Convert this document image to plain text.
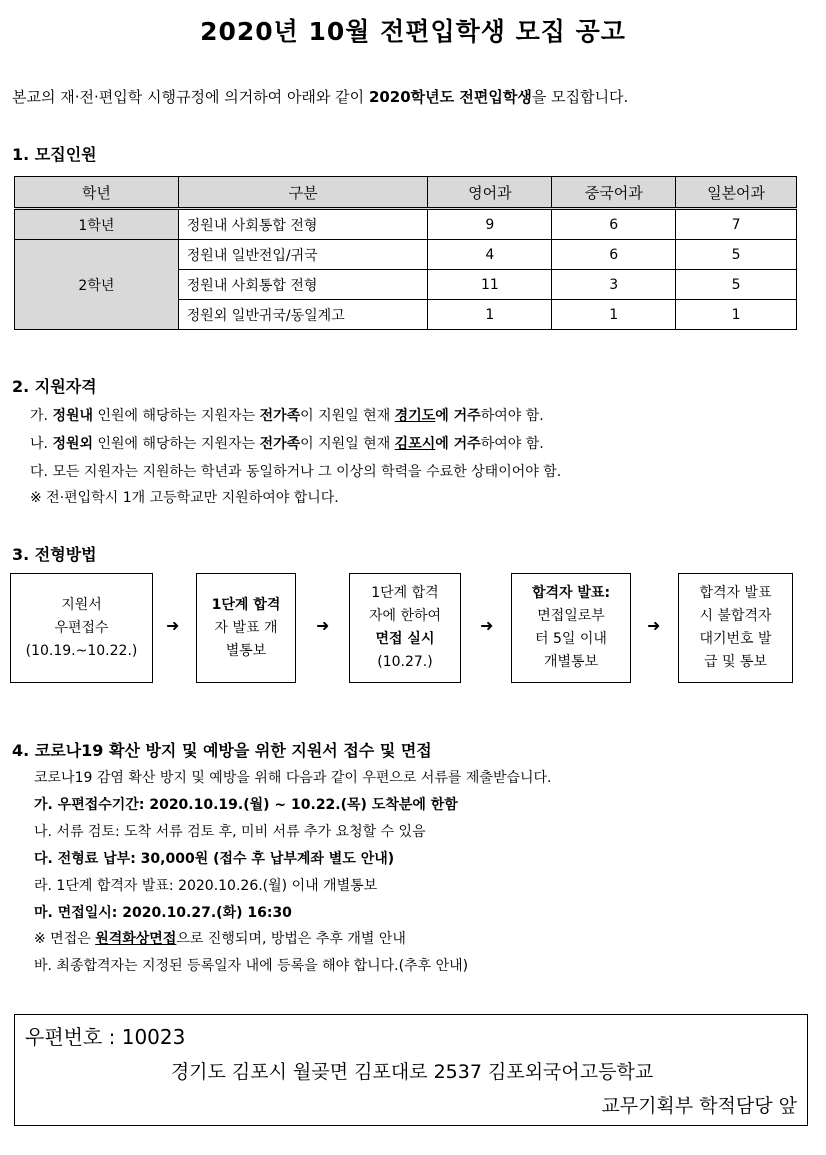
2020년 10월 전편입학생 모집 공고
본교의 재·전·편입학 시행규정에 의거하여 아래와 같이 2020학년도 전편입학생을 모집합니다.
1. 모집인원
학년	구분	영어과	중국어과	일본어과
1학년	정원내 사회통합 전형	9	6	7
2학년	정원내 일반전입/귀국	4	6	5
	정원내 사회통합 전형	11	3	5
	정원외 일반귀국/동일계고	1	1	1
2. 지원자격
가. 정원내 인원에 해당하는 지원자는 전가족이 지원일 현재 경기도에 거주하여야 함.
나. 정원외 인원에 해당하는 지원자는 전가족이 지원일 현재 김포시에 거주하여야 함.
다. 모든 지원자는 지원하는 학년과 동일하거나 그 이상의 학력을 수료한 상태이어야 함.
※ 전·편입학시 1개 고등학교만 지원하여야 합니다.
3. 전형방법
지원서
우편접수
(10.19.~10.22.)
➜
1단계 합격
자 발표 개
별통보
➜
1단계 합격
자에 한하여
면접 실시
(10.27.)
➜
합격자 발표:
면접일로부
터 5일 이내
개별통보
➜
합격자 발표
시 불합격자
대기번호 발
급 및 통보
4. 코로나19 확산 방지 및 예방을 위한 지원서 접수 및 면접
코로나19 감염 확산 방지 및 예방을 위해 다음과 같이 우편으로 서류를 제출받습니다.
가. 우편접수기간: 2020.10.19.(월) ~ 10.22.(목) 도착분에 한함
나. 서류 검토: 도착 서류 검토 후, 미비 서류 추가 요청할 수 있음
다. 전형료 납부: 30,000원 (접수 후 납부계좌 별도 안내)
라. 1단계 합격자 발표: 2020.10.26.(월) 이내 개별통보
마. 면접일시: 2020.10.27.(화) 16:30
※ 면접은 원격화상면접으로 진행되며, 방법은 추후 개별 안내
바. 최종합격자는 지정된 등록일자 내에 등록을 해야 합니다.(추후 안내)
우편번호 : 10023
경기도 김포시 월곶면 김포대로 2537 김포외국어고등학교
교무기획부 학적담당 앞
